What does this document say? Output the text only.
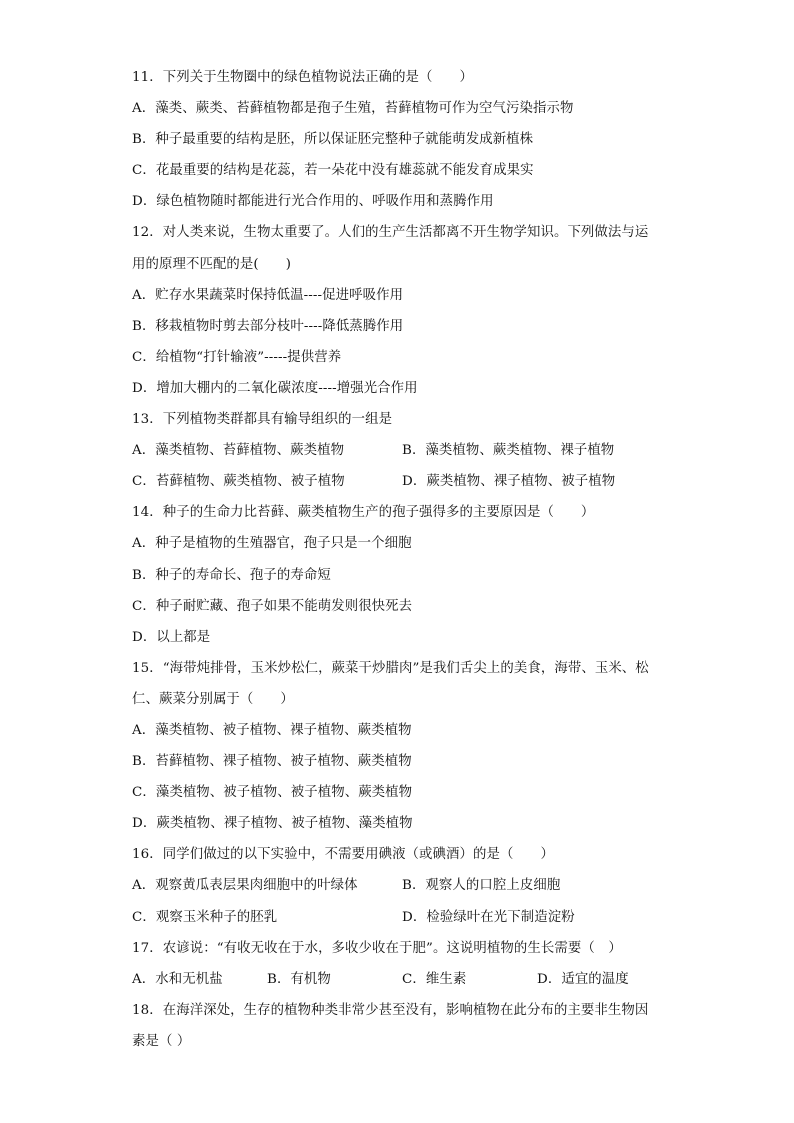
11．下列关于生物圈中的绿色植物说法正确的是（　　）
A．藻类、蕨类、苔藓植物都是孢子生殖，苔藓植物可作为空气污染指示物
B．种子最重要的结构是胚，所以保证胚完整种子就能萌发成新植株
C．花最重要的结构是花蕊，若一朵花中没有雄蕊就不能发育成果实
D．绿色植物随时都能进行光合作用的、呼吸作用和蒸腾作用
12．对人类来说，生物太重要了。人们的生产生活都离不开生物学知识。下列做法与运
用的原理不匹配的是(　　)
A．贮存水果蔬菜时保持低温----促进呼吸作用
B．移栽植物时剪去部分枝叶----降低蒸腾作用
C．给植物“打针输液”-----提供营养
D．增加大棚内的二氧化碳浓度----增强光合作用
13．下列植物类群都具有输导组织的一组是
A．藻类植物、苔藓植物、蕨类植物	B．藻类植物、蕨类植物、裸子植物
C．苔藓植物、蕨类植物、被子植物	D．蕨类植物、裸子植物、被子植物
14．种子的生命力比苔藓、蕨类植物生产的孢子强得多的主要原因是（　　）
A．种子是植物的生殖器官，孢子只是一个细胞
B．种子的寿命长、孢子的寿命短
C．种子耐贮藏、孢子如果不能萌发则很快死去
D．以上都是
15．“海带炖排骨，玉米炒松仁，蕨菜干炒腊肉”是我们舌尖上的美食，海带、玉米、松
仁、蕨菜分别属于（　　）
A．藻类植物、被子植物、裸子植物、蕨类植物
B．苔藓植物、裸子植物、被子植物、蕨类植物
C．藻类植物、被子植物、被子植物、蕨类植物
D．蕨类植物、裸子植物、被子植物、藻类植物
16．同学们做过的以下实验中，不需要用碘液（或碘酒）的是（　　）
A．观察黄瓜表层果肉细胞中的叶绿体	B．观察人的口腔上皮细胞
C．观察玉米种子的胚乳	D．检验绿叶在光下制造淀粉
17．农谚说：“有收无收在于水，多收少收在于肥”。这说明植物的生长需要（　）
A．水和无机盐	B．有机物	C．维生素	D．适宜的温度
18．在海洋深处，生存的植物种类非常少甚至没有，影响植物在此分布的主要非生物因
素是（ ）
